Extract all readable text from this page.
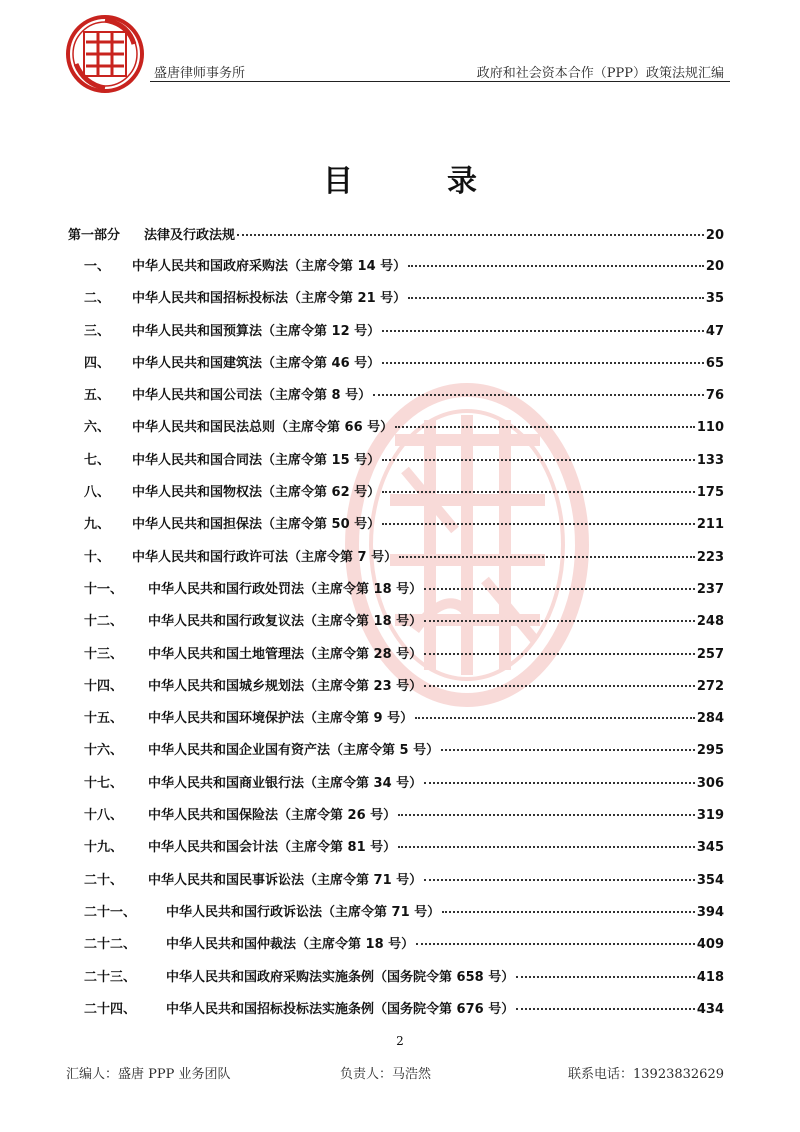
盛唐律师事务所	政府和社会资本合作（PPP）政策法规汇编
目　录
第一部分	法律及行政法规	20
一、	中华人民共和国政府采购法（主席令第 14 号）	20
二、	中华人民共和国招标投标法（主席令第 21 号）	35
三、	中华人民共和国预算法（主席令第 12 号）	47
四、	中华人民共和国建筑法（主席令第 46 号）	65
五、	中华人民共和国公司法（主席令第 8 号）	76
六、	中华人民共和国民法总则（主席令第 66 号）	110
七、	中华人民共和国合同法（主席令第 15 号）	133
八、	中华人民共和国物权法（主席令第 62 号）	175
九、	中华人民共和国担保法（主席令第 50 号）	211
十、	中华人民共和国行政许可法（主席令第 7 号）	223
十一、	中华人民共和国行政处罚法（主席令第 18 号）	237
十二、	中华人民共和国行政复议法（主席令第 18 号）	248
十三、	中华人民共和国土地管理法（主席令第 28 号）	257
十四、	中华人民共和国城乡规划法（主席令第 23 号）	272
十五、	中华人民共和国环境保护法（主席令第 9 号）	284
十六、	中华人民共和国企业国有资产法（主席令第 5 号）	295
十七、	中华人民共和国商业银行法（主席令第 34 号）	306
十八、	中华人民共和国保险法（主席令第 26 号）	319
十九、	中华人民共和国会计法（主席令第 81 号）	345
二十、	中华人民共和国民事诉讼法（主席令第 71 号）	354
二十一、	中华人民共和国行政诉讼法（主席令第 71 号）	394
二十二、	中华人民共和国仲裁法（主席令第 18 号）	409
二十三、	中华人民共和国政府采购法实施条例（国务院令第 658 号）	418
二十四、	中华人民共和国招标投标法实施条例（国务院令第 676 号）	434
2
汇编人：盛唐 PPP 业务团队	负责人：马浩然	联系电话：13923832629
